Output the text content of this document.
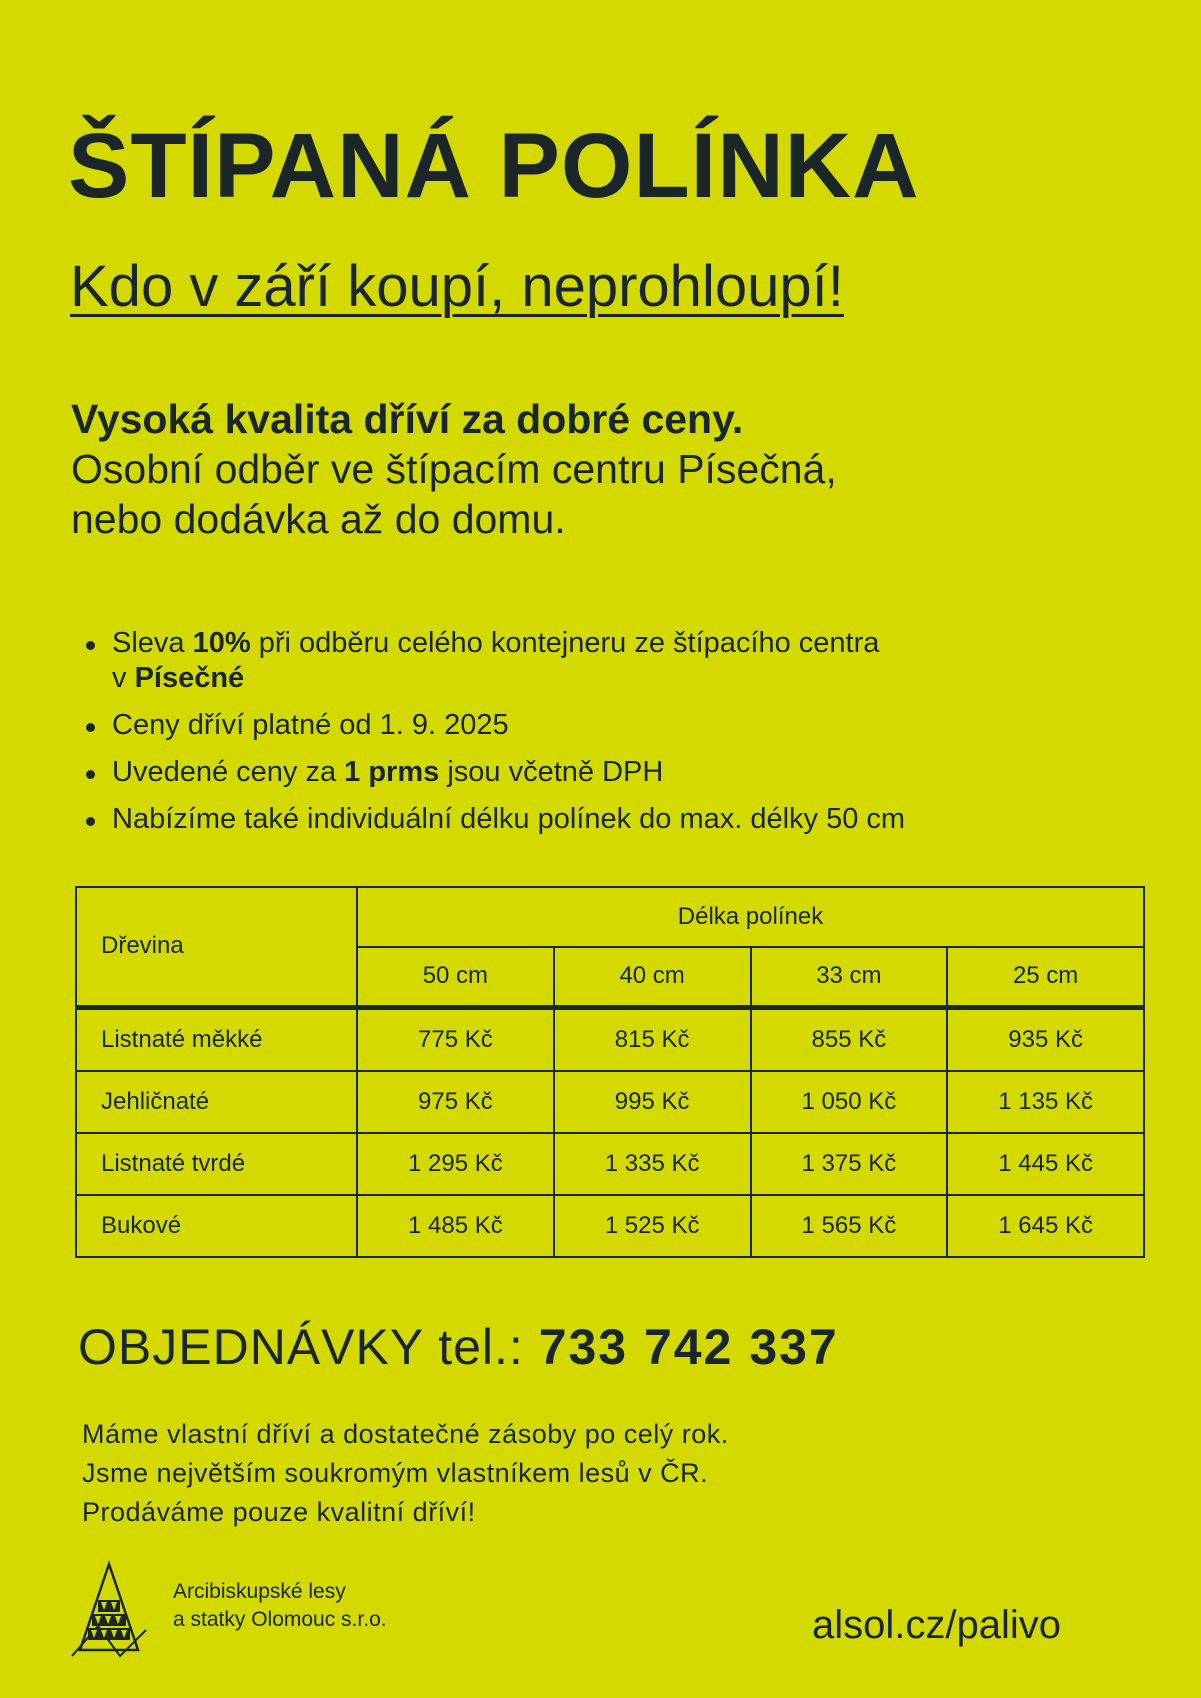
ŠTÍPANÁ POLÍNKA
Kdo v září koupí, neprohloupí!
Vysoká kvalita dříví za dobré ceny.
Osobní odběr ve štípacím centru Písečná,
nebo dodávka až do domu.
Sleva 10% při odběru celého kontejneru ze štípacího centra
v Písečné
Ceny dříví platné od 1. 9. 2025
Uvedené ceny za 1 prms jsou včetně DPH
Nabízíme také individuální délku polínek do max. délky 50 cm
Dřevina	Délka polínek			
	50 cm	40 cm	33 cm	25 cm
Listnaté měkké	775 Kč	815 Kč	855 Kč	935 Kč
Jehličnaté	975 Kč	995 Kč	1 050 Kč	1 135 Kč
Listnaté tvrdé	1 295 Kč	1 335 Kč	1 375 Kč	1 445 Kč
Bukové	1 485 Kč	1 525 Kč	1 565 Kč	1 645 Kč
OBJEDNÁVKY tel.: 733 742 337
Máme vlastní dříví a dostatečné zásoby po celý rok.
Jsme největším soukromým vlastníkem lesů v ČR.
Prodáváme pouze kvalitní dříví!
Arcibiskupské lesy
a statky Olomouc s.r.o.	alsol.cz/palivo
